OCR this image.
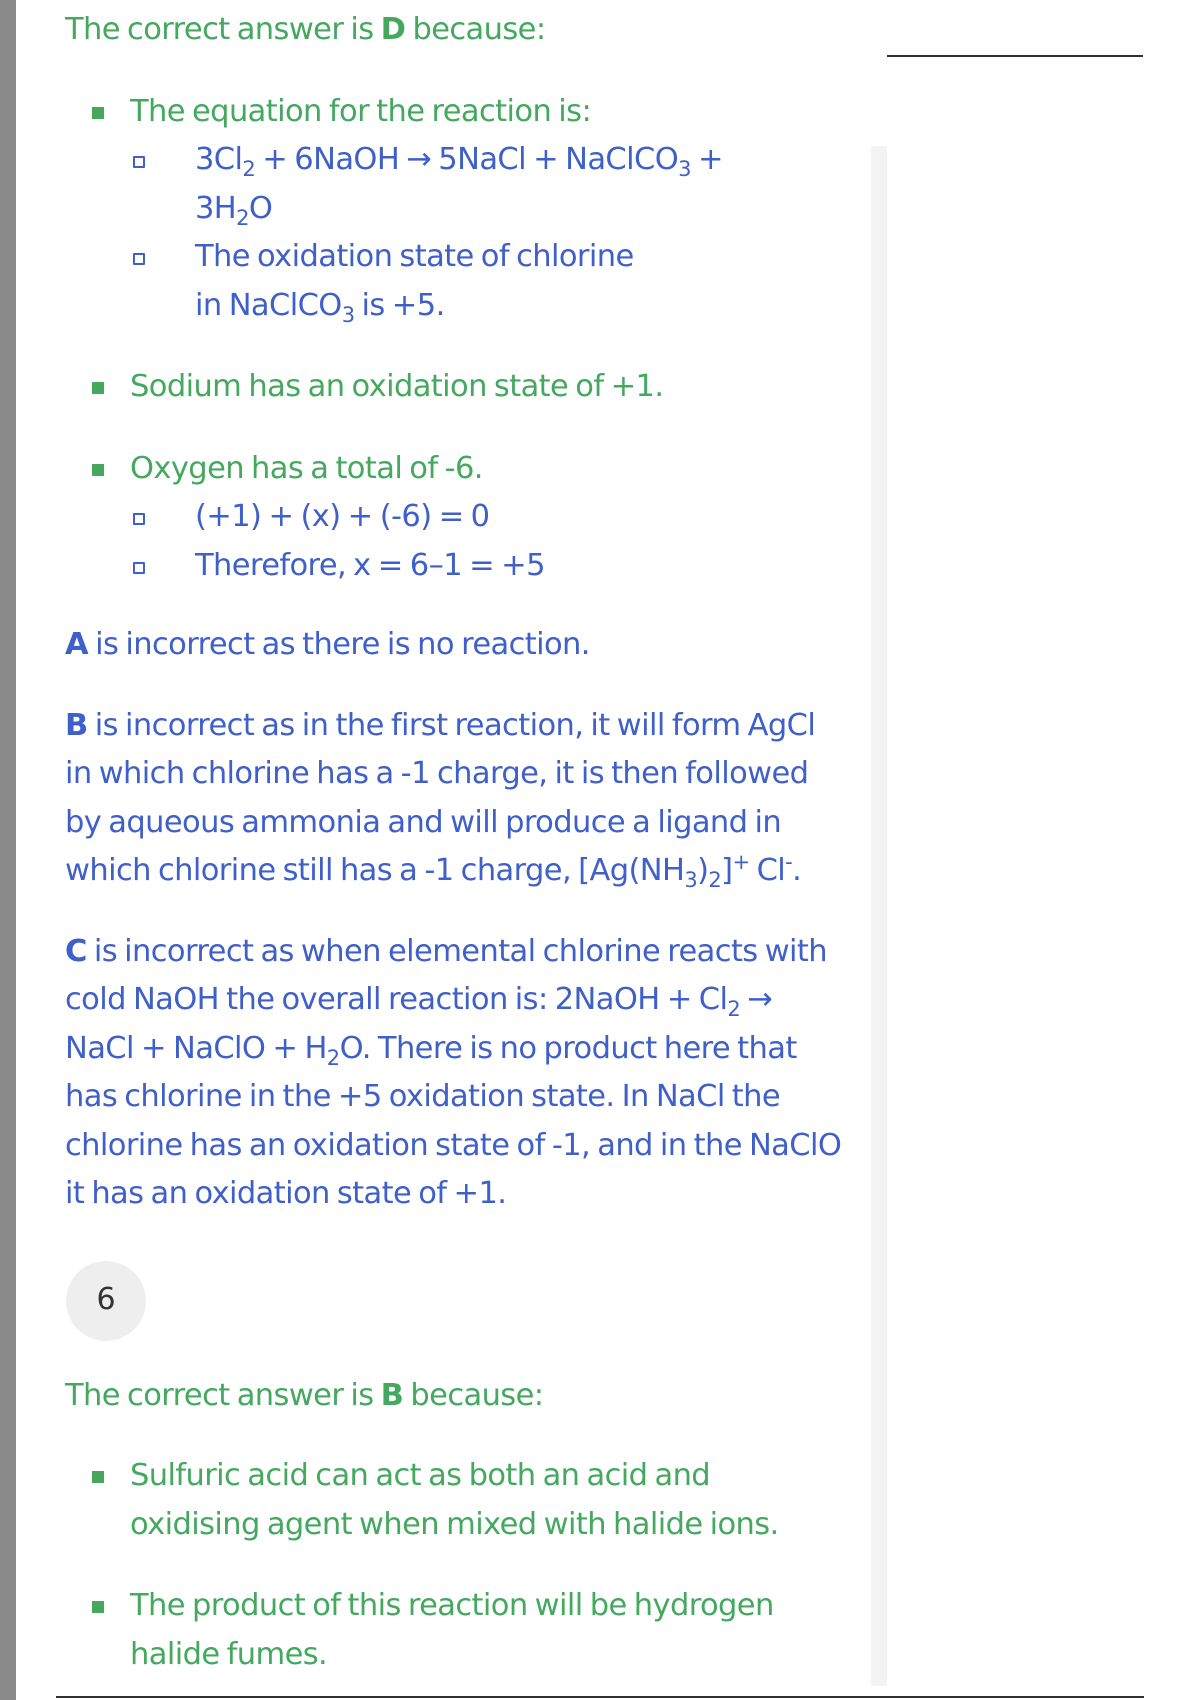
The correct answer is D because:

The equation for the reaction is:
$3Cl_2$ + 6NaOH → 5NaCl + NaClCO$_3$ + $3H_2O$
The oxidation state of chlorine in NaClCO$_3$ is +5.
Sodium has an oxidation state of +1.
Oxygen has a total of -6.
(+1) + (x) + (-6) = 0
Therefore, x = 6–1 = +5

A is incorrect as there is no reaction.

B is incorrect as in the first reaction, it will form AgCl in which chlorine has a -1 charge, it is then followed by aqueous ammonia and will produce a ligand in which chlorine still has a -1 charge, $[Ag(NH_3)_2]^+$ Cl-.

C is incorrect as when elemental chlorine reacts with cold NaOH the overall reaction is: 2NaOH + $Cl_2$ → NaCl + NaClO + $H_2O$. There is no product here that has chlorine in the +5 oxidation state. In NaCl the chlorine has an oxidation state of -1, and in the NaClO it has an oxidation state of +1.

6

The correct answer is B because:

Sulfuric acid can act as both an acid and oxidising agent when mixed with halide ions.
The product of this reaction will be hydrogen halide fumes.
